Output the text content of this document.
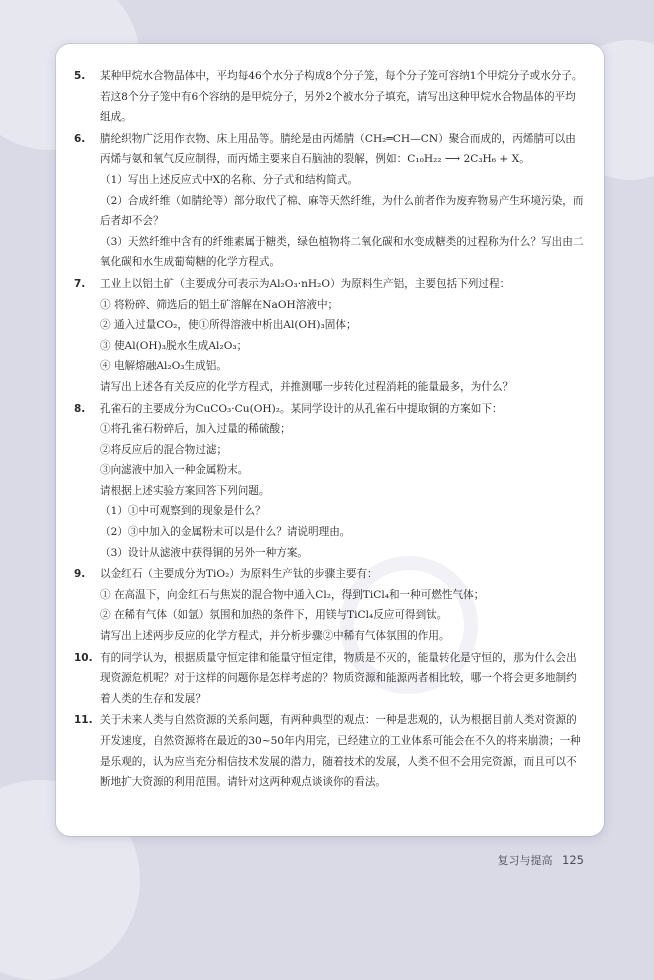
5. 某种甲烷水合物晶体中，平均每46个水分子构成8个分子笼，每个分子笼可容纳1个甲烷分子或水分子。若这8个分子笼中有6个容纳的是甲烷分子，另外2个被水分子填充，请写出这种甲烷水合物晶体的平均组成。
6. 腈纶织物广泛用作衣物、床上用品等。腈纶是由丙烯腈（CH₂═CH—CN）聚合而成的，丙烯腈可以由丙烯与氨和氧气反应制得，而丙烯主要来自石脑油的裂解，例如：C₁₀H₂₂ ⟶ 2C₃H₆ + X。
（1）写出上述反应式中X的名称、分子式和结构简式。
（2）合成纤维（如腈纶等）部分取代了棉、麻等天然纤维，为什么前者作为废弃物易产生环境污染，而后者却不会？
（3）天然纤维中含有的纤维素属于糖类，绿色植物将二氧化碳和水变成糖类的过程称为什么？写出由二氧化碳和水生成葡萄糖的化学方程式。
7. 工业上以铝土矿（主要成分可表示为Al₂O₃·nH₂O）为原料生产铝，主要包括下列过程：
① 将粉碎、筛选后的铝土矿溶解在NaOH溶液中；
② 通入过量CO₂，使①所得溶液中析出Al(OH)₃固体；
③ 使Al(OH)₃脱水生成Al₂O₃；
④ 电解熔融Al₂O₃生成铝。
请写出上述各有关反应的化学方程式，并推测哪一步转化过程消耗的能量最多，为什么？
8. 孔雀石的主要成分为CuCO₃·Cu(OH)₂。某同学设计的从孔雀石中提取铜的方案如下：
①将孔雀石粉碎后，加入过量的稀硫酸；
②将反应后的混合物过滤；
③向滤液中加入一种金属粉末。
请根据上述实验方案回答下列问题。
（1）①中可观察到的现象是什么？
（2）③中加入的金属粉末可以是什么？请说明理由。
（3）设计从滤液中获得铜的另外一种方案。
9. 以金红石（主要成分为TiO₂）为原料生产钛的步骤主要有：
① 在高温下，向金红石与焦炭的混合物中通入Cl₂，得到TiCl₄和一种可燃性气体；
② 在稀有气体（如氩）氛围和加热的条件下，用镁与TiCl₄反应可得到钛。
请写出上述两步反应的化学方程式，并分析步骤②中稀有气体氛围的作用。
10. 有的同学认为，根据质量守恒定律和能量守恒定律，物质是不灭的，能量转化是守恒的，那为什么会出现资源危机呢？对于这样的问题你是怎样考虑的？物质资源和能源两者相比较，哪一个将会更多地制约着人类的生存和发展？
11. 关于未来人类与自然资源的关系问题，有两种典型的观点：一种是悲观的，认为根据目前人类对资源的开发速度，自然资源将在最近的30~50年内用完，已经建立的工业体系可能会在不久的将来崩溃；一种是乐观的，认为应当充分相信技术发展的潜力，随着技术的发展，人类不但不会用完资源，而且可以不断地扩大资源的利用范围。请针对这两种观点谈谈你的看法。
复习与提高 125
